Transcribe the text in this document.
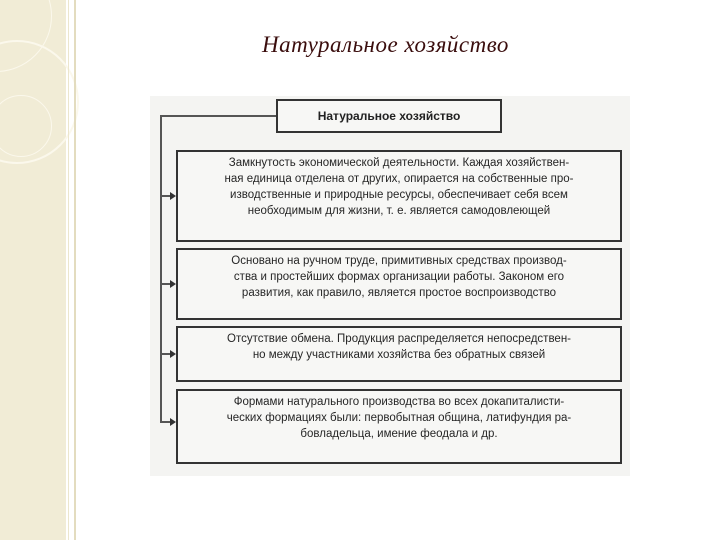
Натуральное хозяйство
Натуральное хозяйство
Замкнутость экономической деятельности. Каждая хозяйствен-
ная единица отделена от других, опирается на собственные про-
изводственные и природные ресурсы, обеспечивает себя всем
необходимым для жизни, т. е. является самодовлеющей
Основано на ручном труде, примитивных средствах производ-
ства и простейших формах организации работы. Законом его
развития, как правило, является простое воспроизводство
Отсутствие обмена. Продукция распределяется непосредствен-
но между участниками хозяйства без обратных связей
Формами натурального производства во всех докапиталисти-
ческих формациях были: первобытная община, латифундия ра-
бовладельца, имение феодала и др.
